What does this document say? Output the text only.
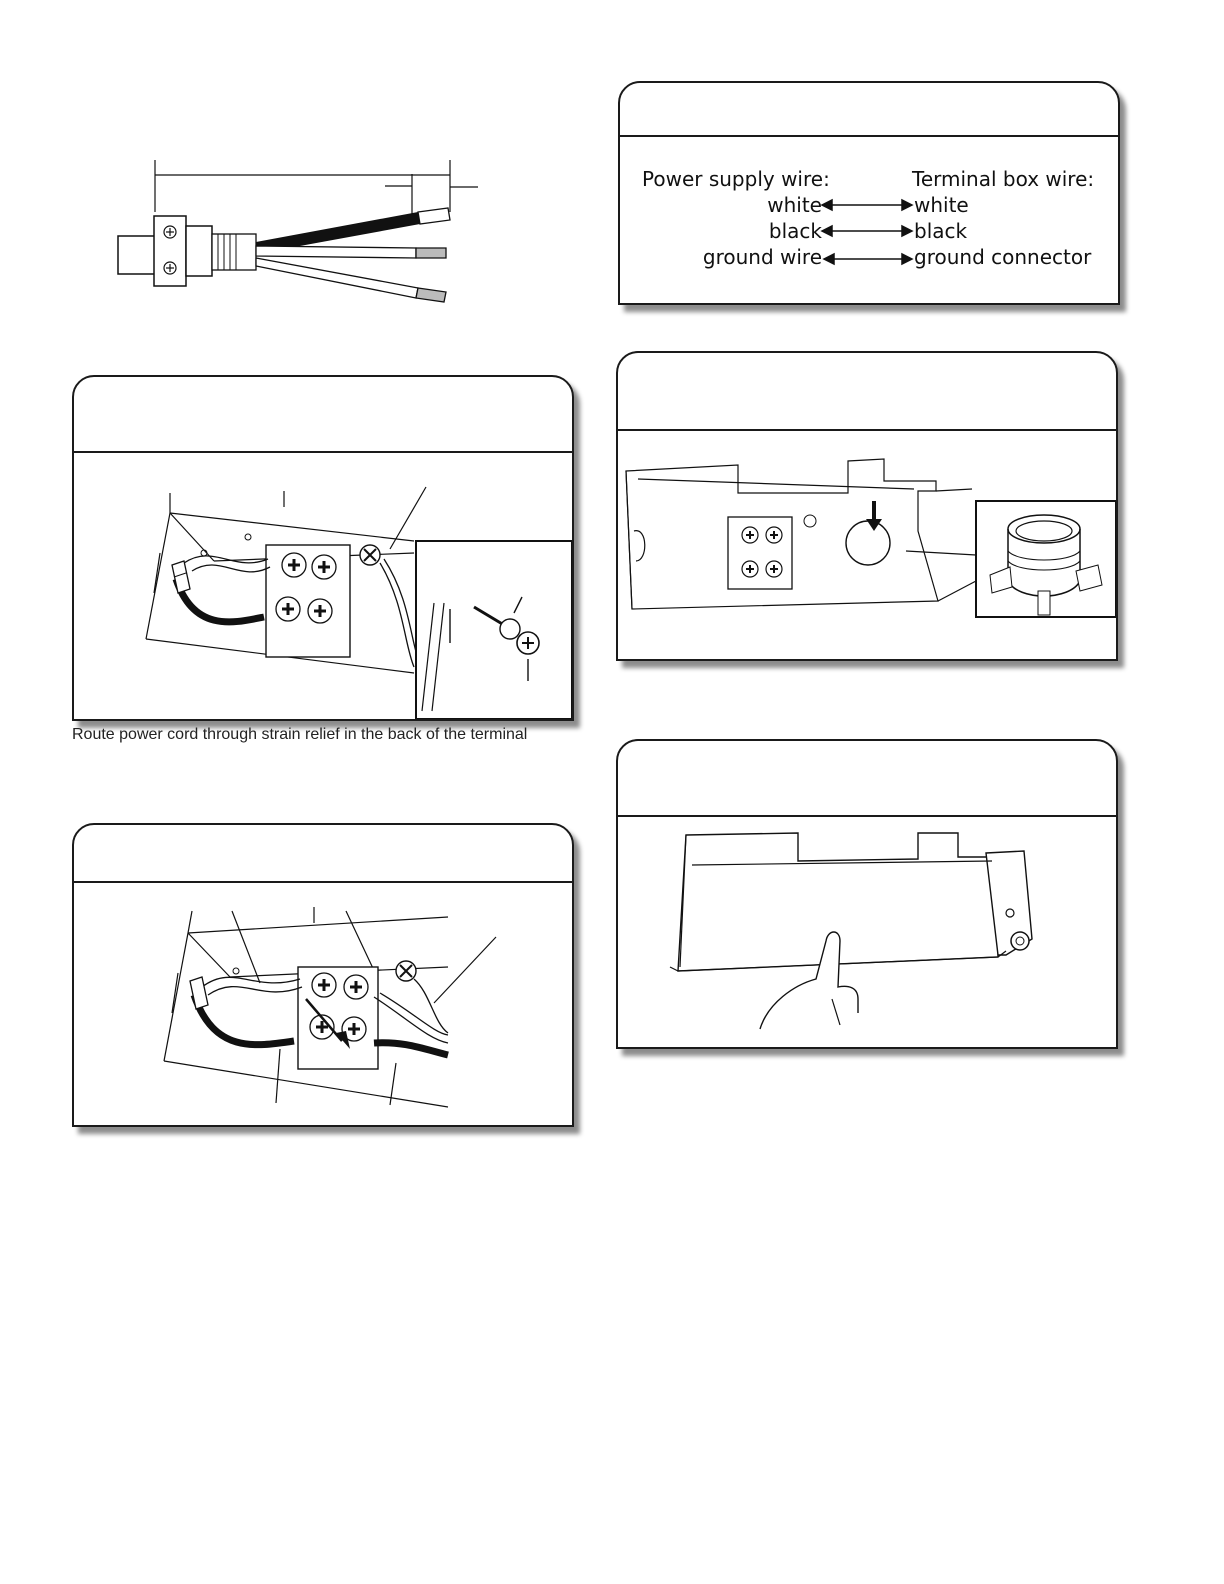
Power supply wire:	Terminal box wire:
white	white
black	black
ground wire	ground connector
Route power cord through strain relief in the back of the terminal
